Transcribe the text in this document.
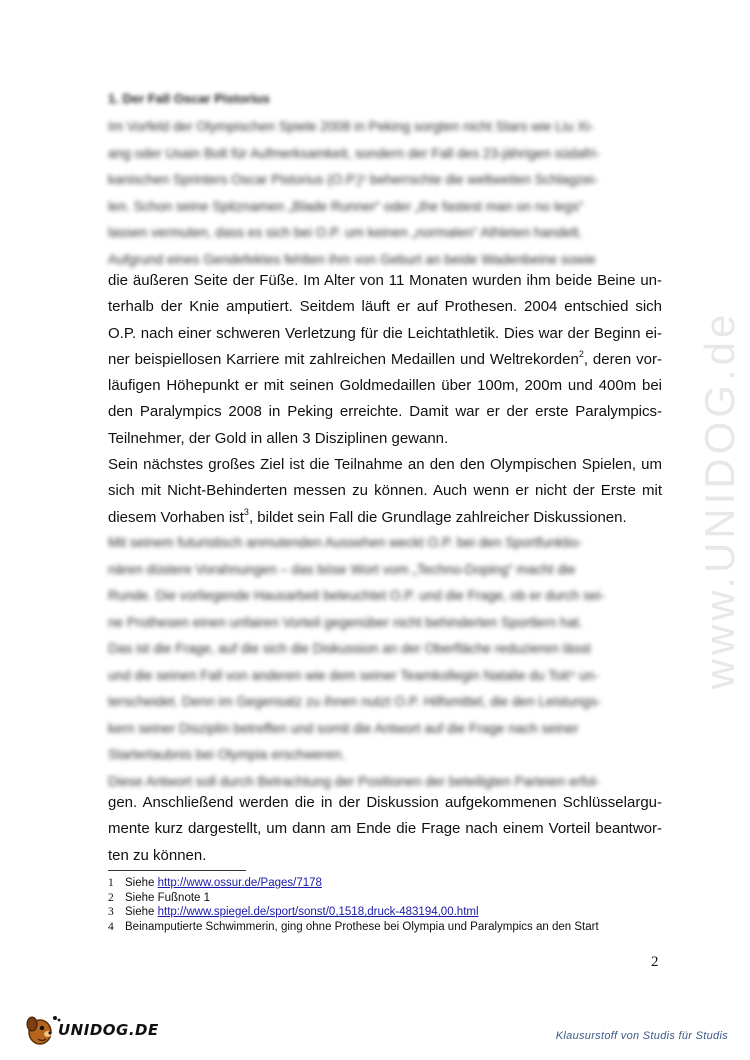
www.UNIDOG.de
1. Der Fall Oscar Pistorius
Im Vorfeld der Olympischen Spiele 2008 in Peking sorgten nicht Stars wie Liu Xi-
ang oder Usain Bolt für Aufmerksamkeit, sondern der Fall des 23-jährigen südafri-
kanischen Sprinters Oscar Pistorius (O.P.)¹ beherrschte die weltweiten Schlagzei-
len. Schon seine Spitznamen „Blade Runner“ oder „the fastest man on no legs“
lassen vermuten, dass es sich bei O.P. um keinen „normalen“ Athleten handelt.
Aufgrund eines Gendefektes fehlten ihm von Geburt an beide Wadenbeine sowie
die äußeren Seite der Füße. Im Alter von 11 Monaten wurden ihm beide Beine un-
terhalb der Knie amputiert. Seitdem läuft er auf Prothesen. 2004 entschied sich
O.P. nach einer schweren Verletzung für die Leichtathletik. Dies war der Beginn ei-
ner beispiellosen Karriere mit zahlreichen Medaillen und Weltrekorden$^2$, deren vor-
läufigen Höhepunkt er mit seinen Goldmedaillen über 100m, 200m und 400m bei
den Paralympics 2008 in Peking erreichte. Damit war er der erste Paralympics-
Teilnehmer, der Gold in allen 3 Disziplinen gewann.
Sein nächstes großes Ziel ist die Teilnahme an den den Olympischen Spielen, um
sich mit Nicht-Behinderten messen zu können. Auch wenn er nicht der Erste mit
diesem Vorhaben ist$^3$, bildet sein Fall die Grundlage zahlreicher Diskussionen.
Mit seinem futuristisch anmutenden Aussehen weckt O.P. bei den Sportfunktio-
nären düstere Vorahnungen – das böse Wort vom „Techno-Doping“ macht die
Runde. Die vorliegende Hausarbeit beleuchtet O.P. und die Frage, ob er durch sei-
ne Prothesen einen unfairen Vorteil gegenüber nicht behinderten Sportlern hat.
Das ist die Frage, auf die sich die Diskussion an der Oberfläche reduzieren lässt
und die seinen Fall von anderen wie dem seiner Teamkollegin Natalie du Toit⁴ un-
terscheidet. Denn im Gegensatz zu ihnen nutzt O.P. Hilfsmittel, die den Leistungs-
kern seiner Disziplin betreffen und somit die Antwort auf die Frage nach seiner
Starterlaubnis bei Olympia erschweren.
Diese Antwort soll durch Betrachtung der Positionen der beteiligten Parteien erfol-
gen. Anschließend werden die in der Diskussion aufgekommenen Schlüsselargu-
mente kurz dargestellt, um dann am Ende die Frage nach einem Vorteil beantwor-
ten zu können.
1 Siehe http://www.ossur.de/Pages/7178
2 Siehe Fußnote 1
3 Siehe http://www.spiegel.de/sport/sonst/0,1518,druck-483194,00.html
4 Beinamputierte Schwimmerin, ging ohne Prothese bei Olympia und Paralympics an den Start
2
UNIDOG.DE	Klausurstoff von Studis für Studis
